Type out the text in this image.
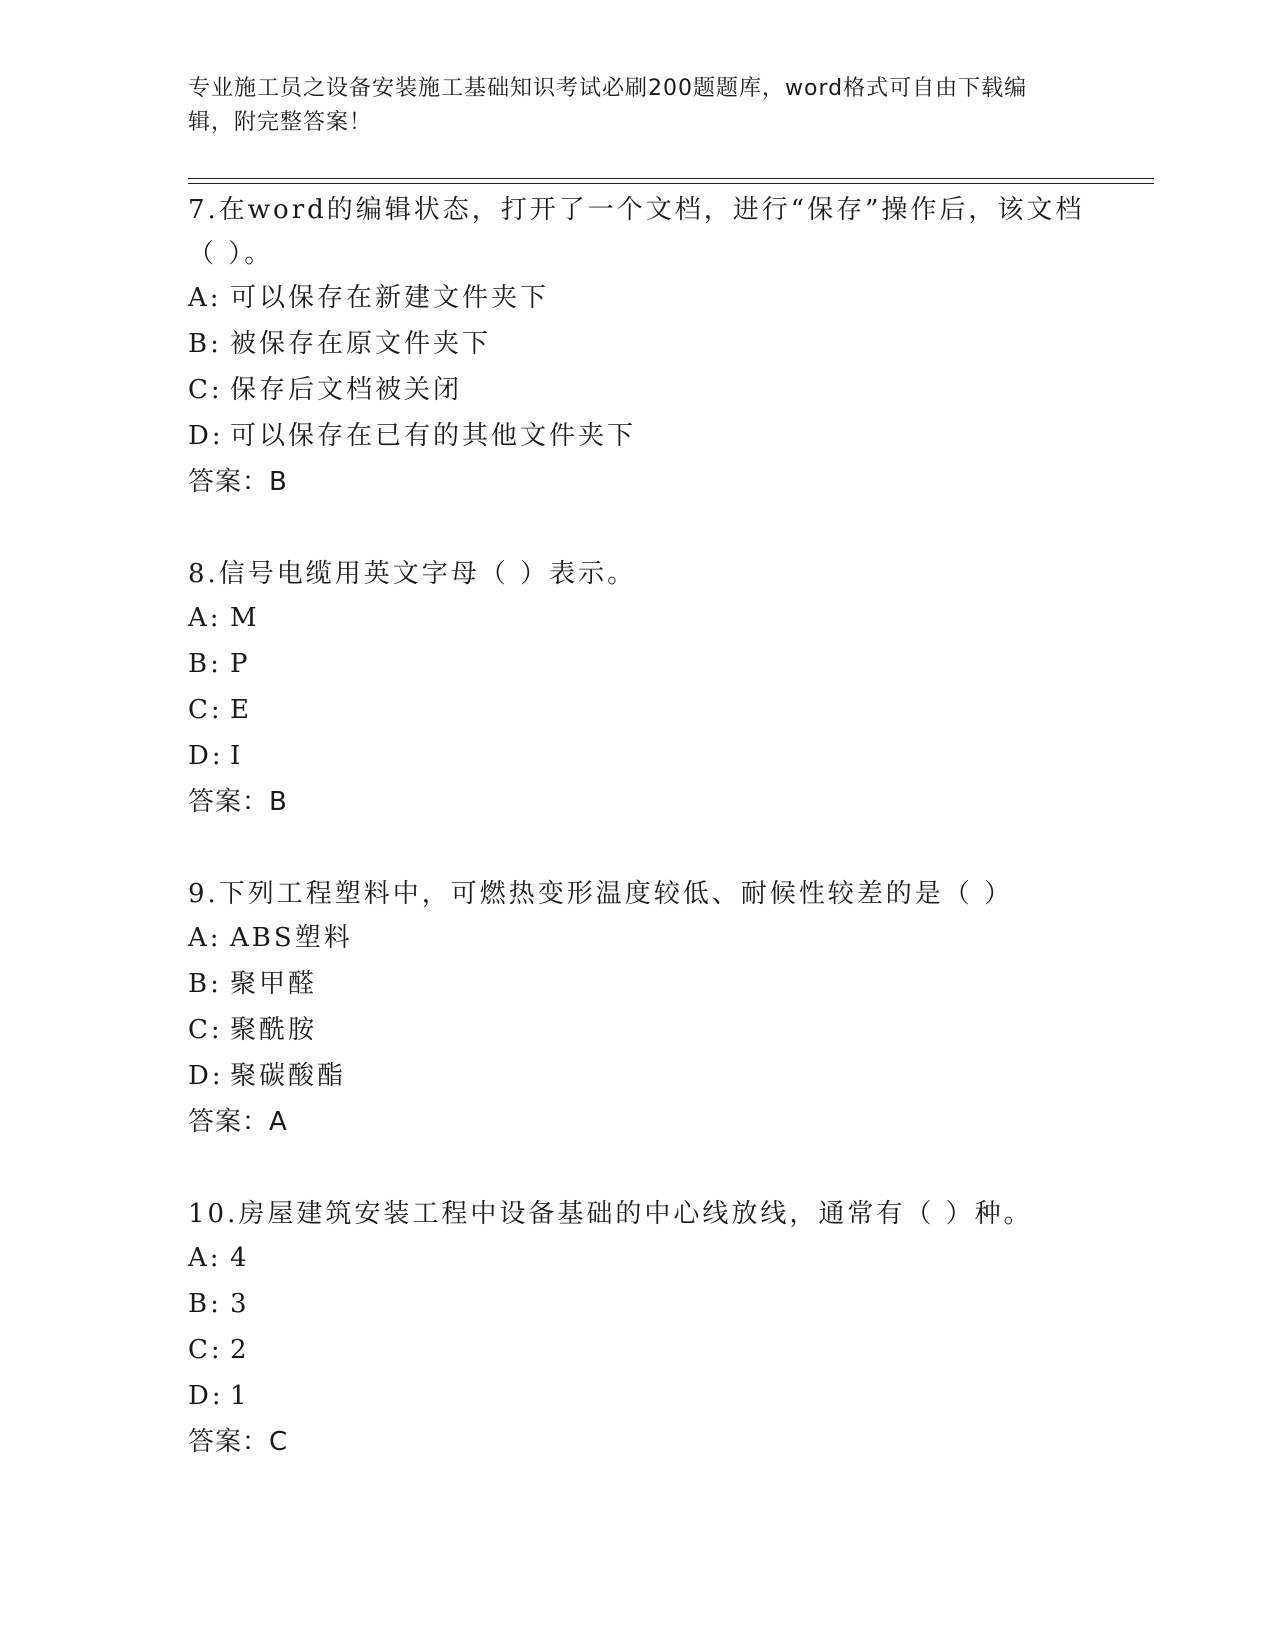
专业施工员之设备安装施工基础知识考试必刷200题题库，word格式可自由下载编辑，附完整答案！

7.在word的编辑状态，打开了一个文档，进行“保存”操作后，该文档（ ）。

A: 可以保存在新建文件夹下
B: 被保存在原文件夹下
C: 保存后文档被关闭
D: 可以保存在已有的其他文件夹下
答案：B

8.信号电缆用英文字母（ ）表示。

A: M
B: P
C: E
D: I
答案：B

9.下列工程塑料中，可燃热变形温度较低、耐候性较差的是（ ）

A: ABS塑料
B: 聚甲醛
C: 聚酰胺
D: 聚碳酸酯
答案：A

10.房屋建筑安装工程中设备基础的中心线放线，通常有（ ）种。

A: 4
B: 3
C: 2
D: 1
答案：C
